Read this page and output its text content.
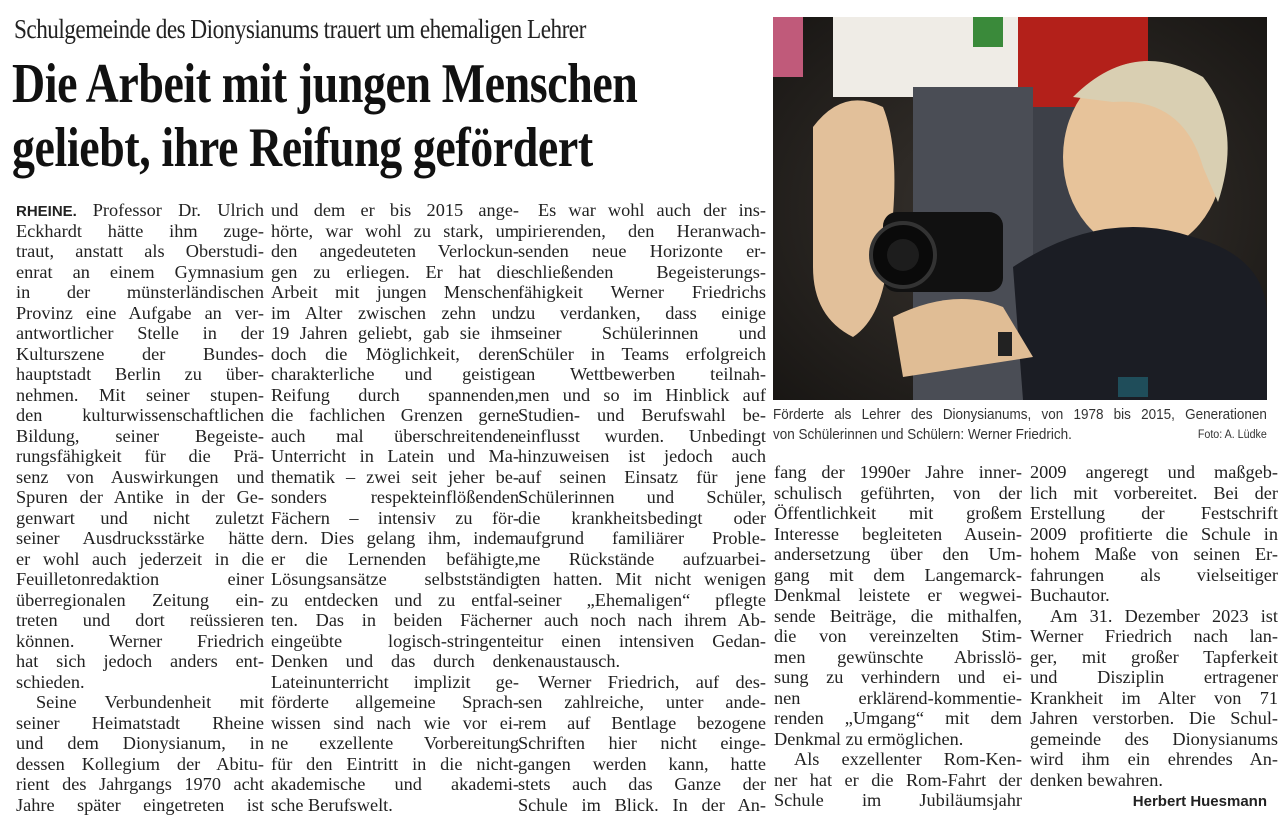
Schulgemeinde des Dionysianums trauert um ehemaligen Lehrer
Die Arbeit mit jungen Menschen
geliebt, ihre Reifung gefördert
RHEINE. Professor Dr. Ulrich
Eckhardt hätte ihm zuge-
traut, anstatt als Oberstudi-
enrat an einem Gymnasium
in der münsterländischen
Provinz eine Aufgabe an ver-
antwortlicher Stelle in der
Kulturszene der Bundes-
hauptstadt Berlin zu über-
nehmen. Mit seiner stupen-
den kulturwissenschaftlichen
Bildung, seiner Begeiste-
rungsfähigkeit für die Prä-
senz von Auswirkungen und
Spuren der Antike in der Ge-
genwart und nicht zuletzt
seiner Ausdrucksstärke hätte
er wohl auch jederzeit in die
Feuilletonredaktion einer
überregionalen Zeitung ein-
treten und dort reüssieren
können. Werner Friedrich
hat sich jedoch anders ent-
schieden.
Seine Verbundenheit mit
seiner Heimatstadt Rheine
und dem Dionysianum, in
dessen Kollegium der Abitu-
rient des Jahrgangs 1970 acht
Jahre später eingetreten ist
und dem er bis 2015 ange-
hörte, war wohl zu stark, um
den angedeuteten Verlockun-
gen zu erliegen. Er hat die
Arbeit mit jungen Menschen
im Alter zwischen zehn und
19 Jahren geliebt, gab sie ihm
doch die Möglichkeit, deren
charakterliche und geistige
Reifung durch spannenden,
die fachlichen Grenzen gerne
auch mal überschreitenden
Unterricht in Latein und Ma-
thematik – zwei seit jeher be-
sonders respekteinflößenden
Fächern – intensiv zu för-
dern. Dies gelang ihm, indem
er die Lernenden befähigte,
Lösungsansätze selbstständig
zu entdecken und zu entfal-
ten. Das in beiden Fächern
eingeübte logisch-stringente
Denken und das durch den
Lateinunterricht implizit ge-
förderte allgemeine Sprach-
wissen sind nach wie vor ei-
ne exzellente Vorbereitung
für den Eintritt in die nicht-
akademische und akademi-
sche Berufswelt.
Es war wohl auch der ins-
pirierenden, den Heranwach-
senden neue Horizonte er-
schließenden Begeisterungs-
fähigkeit Werner Friedrichs
zu verdanken, dass einige
seiner Schülerinnen und
Schüler in Teams erfolgreich
an Wettbewerben teilnah-
men und so im Hinblick auf
Studien- und Berufswahl be-
einflusst wurden. Unbedingt
hinzuweisen ist jedoch auch
auf seinen Einsatz für jene
Schülerinnen und Schüler,
die krankheitsbedingt oder
aufgrund familiärer Proble-
me Rückstände aufzuarbei-
ten hatten. Mit nicht wenigen
seiner „Ehemaligen“ pflegte
er auch noch nach ihrem Ab-
itur einen intensiven Gedan-
kenaustausch.
Werner Friedrich, auf des-
sen zahlreiche, unter ande-
rem auf Bentlage bezogene
Schriften hier nicht einge-
gangen werden kann, hatte
stets auch das Ganze der
Schule im Blick. In der An-
Förderte als Lehrer des Dionysianums, von 1978 bis 2015, Generationen
von Schülerinnen und Schülern: Werner Friedrich.	Foto: A. Lüdke
fang der 1990er Jahre inner-
schulisch geführten, von der
Öffentlichkeit mit großem
Interesse begleiteten Ausein-
andersetzung über den Um-
gang mit dem Langemarck-
Denkmal leistete er wegwei-
sende Beiträge, die mithalfen,
die von vereinzelten Stim-
men gewünschte Abrisslö-
sung zu verhindern und ei-
nen erklärend-kommentie-
renden „Umgang“ mit dem
Denkmal zu ermöglichen.
Als exzellenter Rom-Ken-
ner hat er die Rom-Fahrt der
Schule im Jubiläumsjahr
2009 angeregt und maßgeb-
lich mit vorbereitet. Bei der
Erstellung der Festschrift
2009 profitierte die Schule in
hohem Maße von seinen Er-
fahrungen als vielseitiger
Buchautor.
Am 31. Dezember 2023 ist
Werner Friedrich nach lan-
ger, mit großer Tapferkeit
und Disziplin ertragener
Krankheit im Alter von 71
Jahren verstorben. Die Schul-
gemeinde des Dionysianums
wird ihm ein ehrendes An-
denken bewahren.
Herbert Huesmann
